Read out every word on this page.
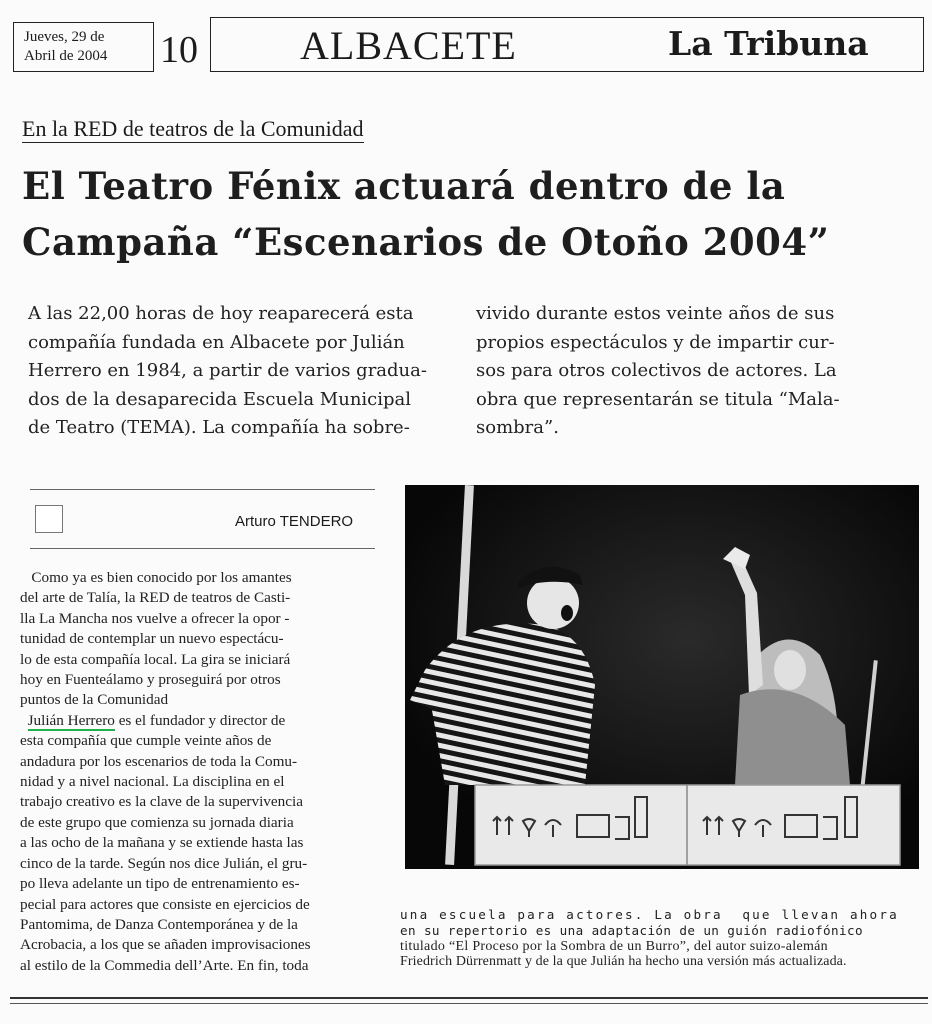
Jueves, 29 de
Abril de 2004	10	ALBACETE	La Tribuna
En la RED de teatros de la Comunidad
El Teatro Fénix actuará dentro de la
Campaña “Escenarios de Otoño 2004”
A las 22,00 horas de hoy reaparecerá esta
compañía fundada en Albacete por Julián
Herrero en 1984, a partir de varios gradua-
dos de la desaparecida Escuela Municipal
de Teatro (TEMA). La compañía ha sobre-
vivido durante estos veinte años de sus
propios espectáculos y de impartir cur-
sos para otros colectivos de actores. La
obra que representarán se titula “Mala-
sombra”.
Arturo TENDERO
Como ya es bien conocido por los amantes
del arte de Talía, la RED de teatros de Casti-
lla La Mancha nos vuelve a ofrecer la opor -
tunidad de contemplar un nuevo espectácu-
lo de esta compañía local. La gira se iniciará
hoy en Fuenteálamo y proseguirá por otros
puntos de la Comunidad
Julián Herrero es el fundador y director de
esta compañía que cumple veinte años de
andadura por los escenarios de toda la Comu-
nidad y a nivel nacional. La disciplina en el
trabajo creativo es la clave de la supervivencia
de este grupo que comienza su jornada diaria
a las ocho de la mañana y se extiende hasta las
cinco de la tarde. Según nos dice Julián, el gru-
po lleva adelante un tipo de entrenamiento es-
pecial para actores que consiste en ejercicios de
Pantomima, de Danza Contemporánea y de la
Acrobacia, a los que se añaden improvisaciones
al estilo de la Commedia dell’Arte. En fin, toda
una escuela para actores. La obra  que llevan ahora
en su repertorio es una adaptación de un guión radiofónico
titulado “El Proceso por la Sombra de un Burro”, del autor suizo-alemán
Friedrich Dürrenmatt y de la que Julián ha hecho una versión más actualizada.
